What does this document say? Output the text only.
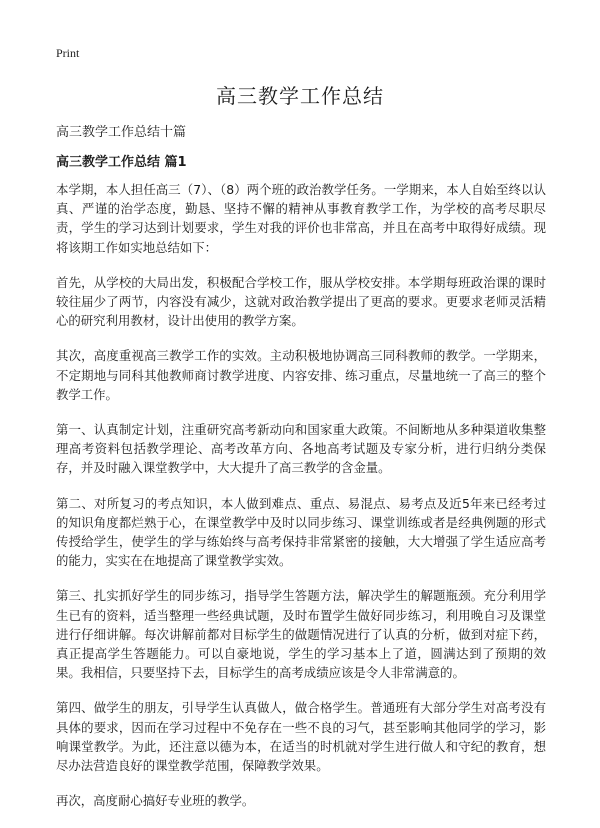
Print
高三教学工作总结
高三教学工作总结十篇
高三教学工作总结 篇1

本学期，本人担任高三（7）、（8）两个班的政治教学任务。一学期来，本人自始至终以认真、严谨的治学态度，勤恳、坚持不懈的精神从事教育教学工作，为学校的高考尽职尽责，学生的学习达到计划要求，学生对我的评价也非常高，并且在高考中取得好成绩。现将该期工作如实地总结如下：

首先，从学校的大局出发，积极配合学校工作，服从学校安排。本学期每班政治课的课时较往届少了两节，内容没有减少，这就对政治教学提出了更高的要求。更要求老师灵活精心的研究利用教材，设计出使用的教学方案。

其次，高度重视高三教学工作的实效。主动积极地协调高三同科教师的教学。一学期来，不定期地与同科其他教师商讨教学进度、内容安排、练习重点，尽量地统一了高三的整个教学工作。

第一、认真制定计划，注重研究高考新动向和国家重大政策。不间断地从多种渠道收集整理高考资料包括教学理论、高考改革方向、各地高考试题及专家分析，进行归纳分类保存，并及时融入课堂教学中，大大提升了高三教学的含金量。

第二、对所复习的考点知识，本人做到难点、重点、易混点、易考点及近5年来已经考过的知识角度都烂熟于心，在课堂教学中及时以同步练习、课堂训练或者是经典例题的形式传授给学生，使学生的学与练始终与高考保持非常紧密的接触，大大增强了学生适应高考的能力，实实在在地提高了课堂教学实效。

第三、扎实抓好学生的同步练习，指导学生答题方法，解决学生的解题瓶颈。充分利用学生已有的资料，适当整理一些经典试题，及时布置学生做好同步练习，利用晚自习及课堂进行仔细讲解。每次讲解前都对目标学生的做题情况进行了认真的分析，做到对症下药，真正提高学生答题能力。可以自豪地说，学生的学习基本上了道，圆满达到了预期的效果。我相信，只要坚持下去，目标学生的高考成绩应该是令人非常满意的。

第四、做学生的朋友，引导学生认真做人，做合格学生。普通班有大部分学生对高考没有具体的要求，因而在学习过程中不免存在一些不良的习气，甚至影响其他同学的学习，影响课堂教学。为此，还注意以德为本，在适当的时机就对学生进行做人和守纪的教育，想尽办法营造良好的课堂教学范围，保障教学效果。

再次，高度耐心搞好专业班的教学。
